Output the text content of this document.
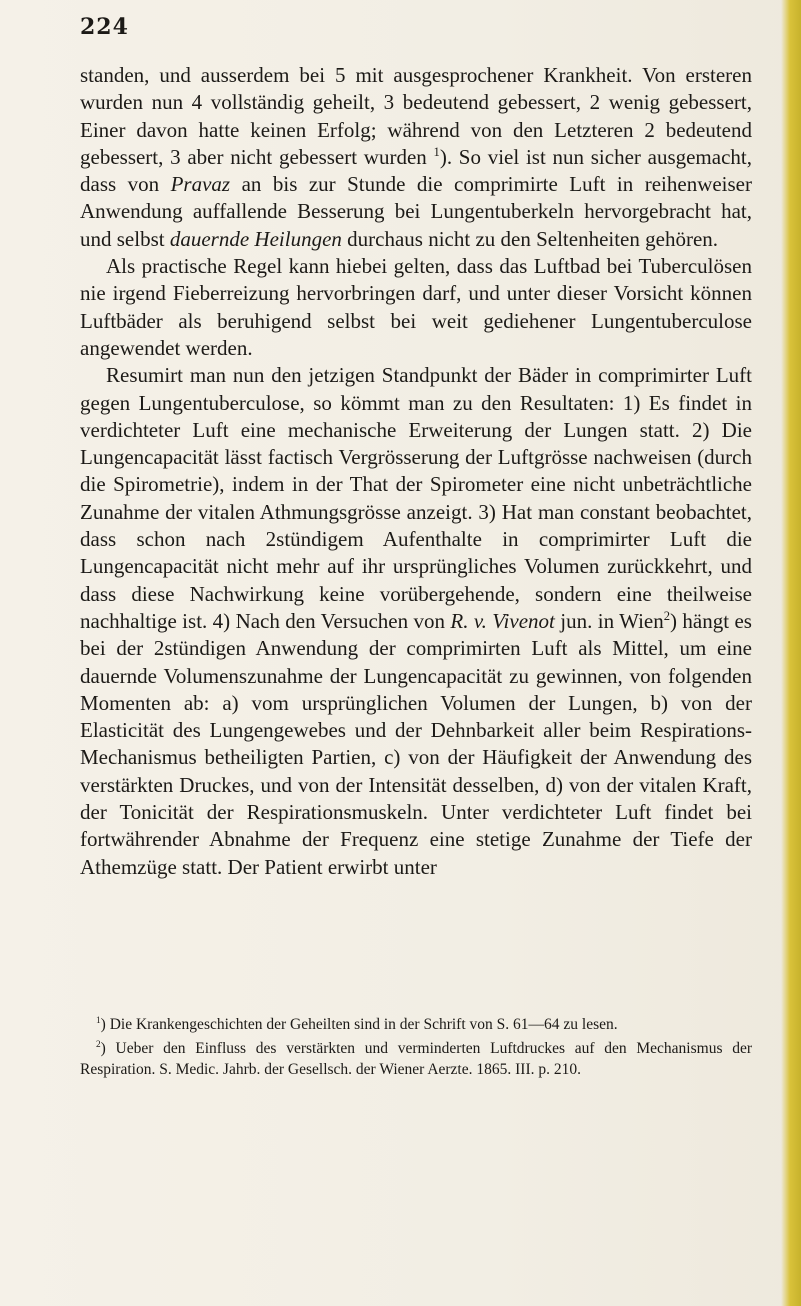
224

standen, und ausserdem bei 5 mit ausgesprochener Krankheit. Von ersteren wurden nun 4 vollständig geheilt, 3 bedeutend gebessert, 2 wenig gebessert, Einer davon hatte keinen Erfolg; während von den Letzteren 2 bedeutend gebessert, 3 aber nicht gebessert wurden $^1$). So viel ist nun sicher ausgemacht, dass von Pravaz an bis zur Stunde die comprimirte Luft in reihenweiser Anwendung auffallende Besserung bei Lungentuberkeln hervorgebracht hat, und selbst dauernde Heilungen durchaus nicht zu den Seltenheiten gehören.

Als practische Regel kann hiebei gelten, dass das Luftbad bei Tuberculösen nie irgend Fieberreizung hervorbringen darf, und unter dieser Vorsicht können Luftbäder als beruhigend selbst bei weit gediehener Lungentuberculose angewendet werden.

Resumirt man nun den jetzigen Standpunkt der Bäder in comprimirter Luft gegen Lungentuberculose, so kömmt man zu den Resultaten: 1) Es findet in verdichteter Luft eine mechanische Erweiterung der Lungen statt. 2) Die Lungencapacität lässt factisch Vergrösserung der Luftgrösse nachweisen (durch die Spirometrie), indem in der That der Spirometer eine nicht unbeträchtliche Zunahme der vitalen Athmungsgrösse anzeigt. 3) Hat man constant beobachtet, dass schon nach 2stündigem Aufenthalte in comprimirter Luft die Lungencapacität nicht mehr auf ihr ursprüngliches Volumen zurückkehrt, und dass diese Nachwirkung keine vorübergehende, sondern eine theilweise nachhaltige ist. 4) Nach den Versuchen von R. v. Vivenot jun. in Wien$^2$) hängt es bei der 2stündigen Anwendung der comprimirten Luft als Mittel, um eine dauernde Volumenszunahme der Lungencapacität zu gewinnen, von folgenden Momenten ab: a) vom ursprünglichen Volumen der Lungen, b) von der Elasticität des Lungengewebes und der Dehnbarkeit aller beim Respirations-Mechanismus betheiligten Partien, c) von der Häufigkeit der Anwendung des verstärkten Druckes, und von der Intensität desselben, d) von der vitalen Kraft, der Tonicität der Respirationsmuskeln. Unter verdichteter Luft findet bei fortwährender Abnahme der Frequenz eine stetige Zunahme der Tiefe der Athemzüge statt. Der Patient erwirbt unter

$^1$) Die Krankengeschichten der Geheilten sind in der Schrift von S. 61—64 zu lesen.

$^2$) Ueber den Einfluss des verstärkten und verminderten Luftdruckes auf den Mechanismus der Respiration. S. Medic. Jahrb. der Gesellsch. der Wiener Aerzte. 1865. III. p. 210.
